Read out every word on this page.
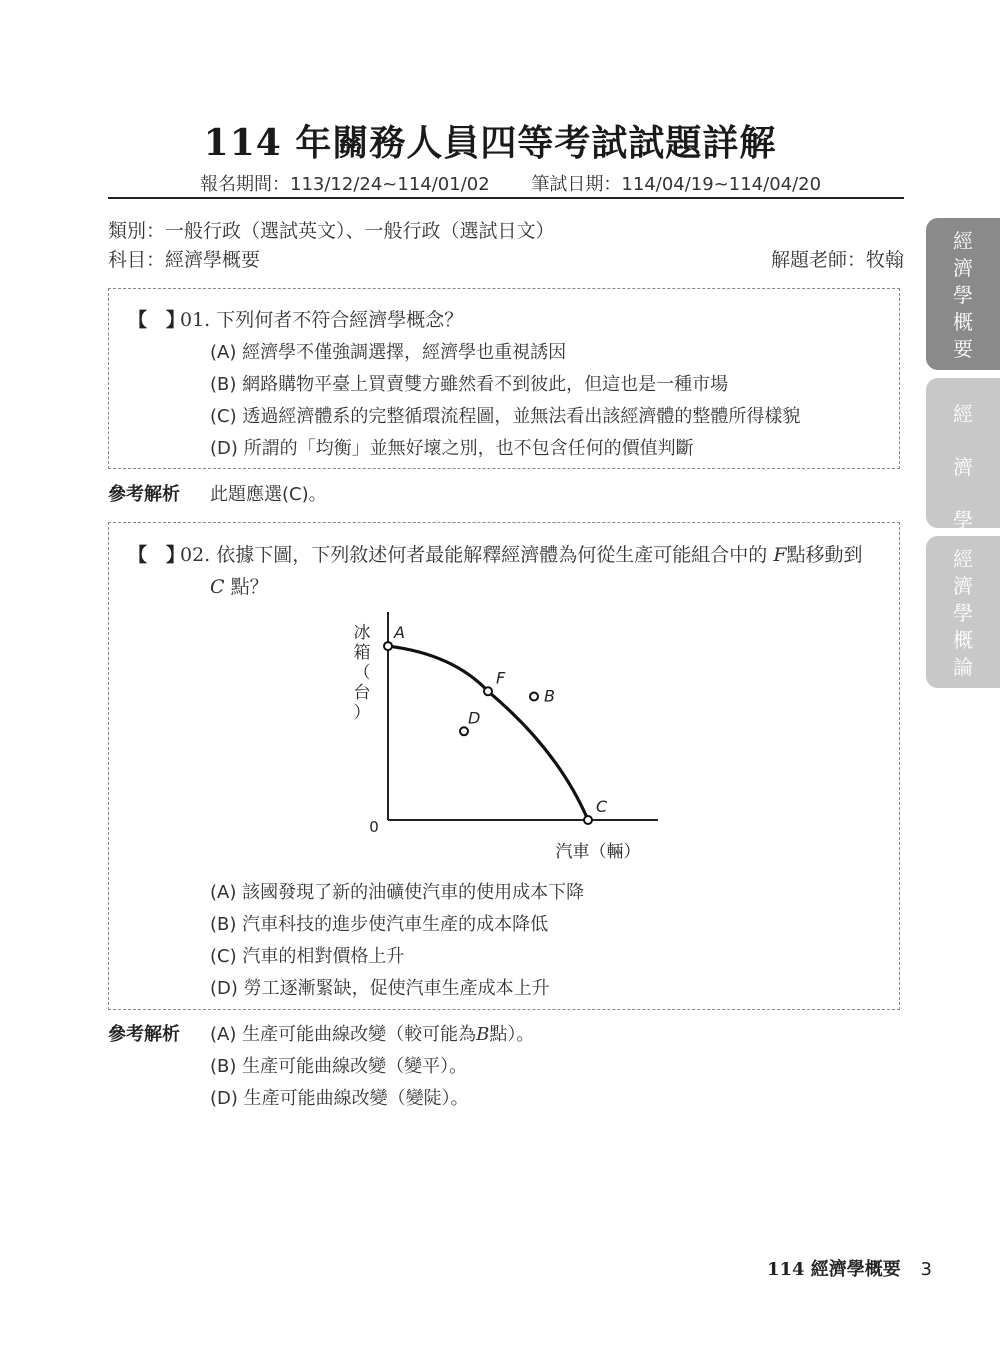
114 年關務人員四等考試試題詳解
報名期間：113/12/24~114/01/02 筆試日期：114/04/19~114/04/20
類別：一般行政（選試英文）、一般行政（選試日文）
科目：經濟學概要	解題老師：牧翰
經
濟
學
概
要
經
濟
學
經
濟
學
概
論
【　】
01. 下列何者不符合經濟學概念？
(A) 經濟學不僅強調選擇，經濟學也重視誘因
(B) 網路購物平臺上買賣雙方雖然看不到彼此，但這也是一種市場
(C) 透過經濟體系的完整循環流程圖，並無法看出該經濟體的整體所得樣貌
(D) 所謂的「均衡」並無好壞之別，也不包含任何的價值判斷
參考解析 此題應選(C)。
【　】
02. 依據下圖，下列敘述何者最能解釋經濟體為何從生產可能組合中的 F點移動到
C 點？
0
冰
箱
（
台
）
汽車（輛）
A
F
C
B
D
(A) 該國發現了新的油礦使汽車的使用成本下降
(B) 汽車科技的進步使汽車生產的成本降低
(C) 汽車的相對價格上升
(D) 勞工逐漸緊缺，促使汽車生產成本上升
參考解析 (A) 生產可能曲線改變（較可能為B點）。
(B) 生產可能曲線改變（變平）。
(D) 生產可能曲線改變（變陡）。
114 經濟學概要 3
